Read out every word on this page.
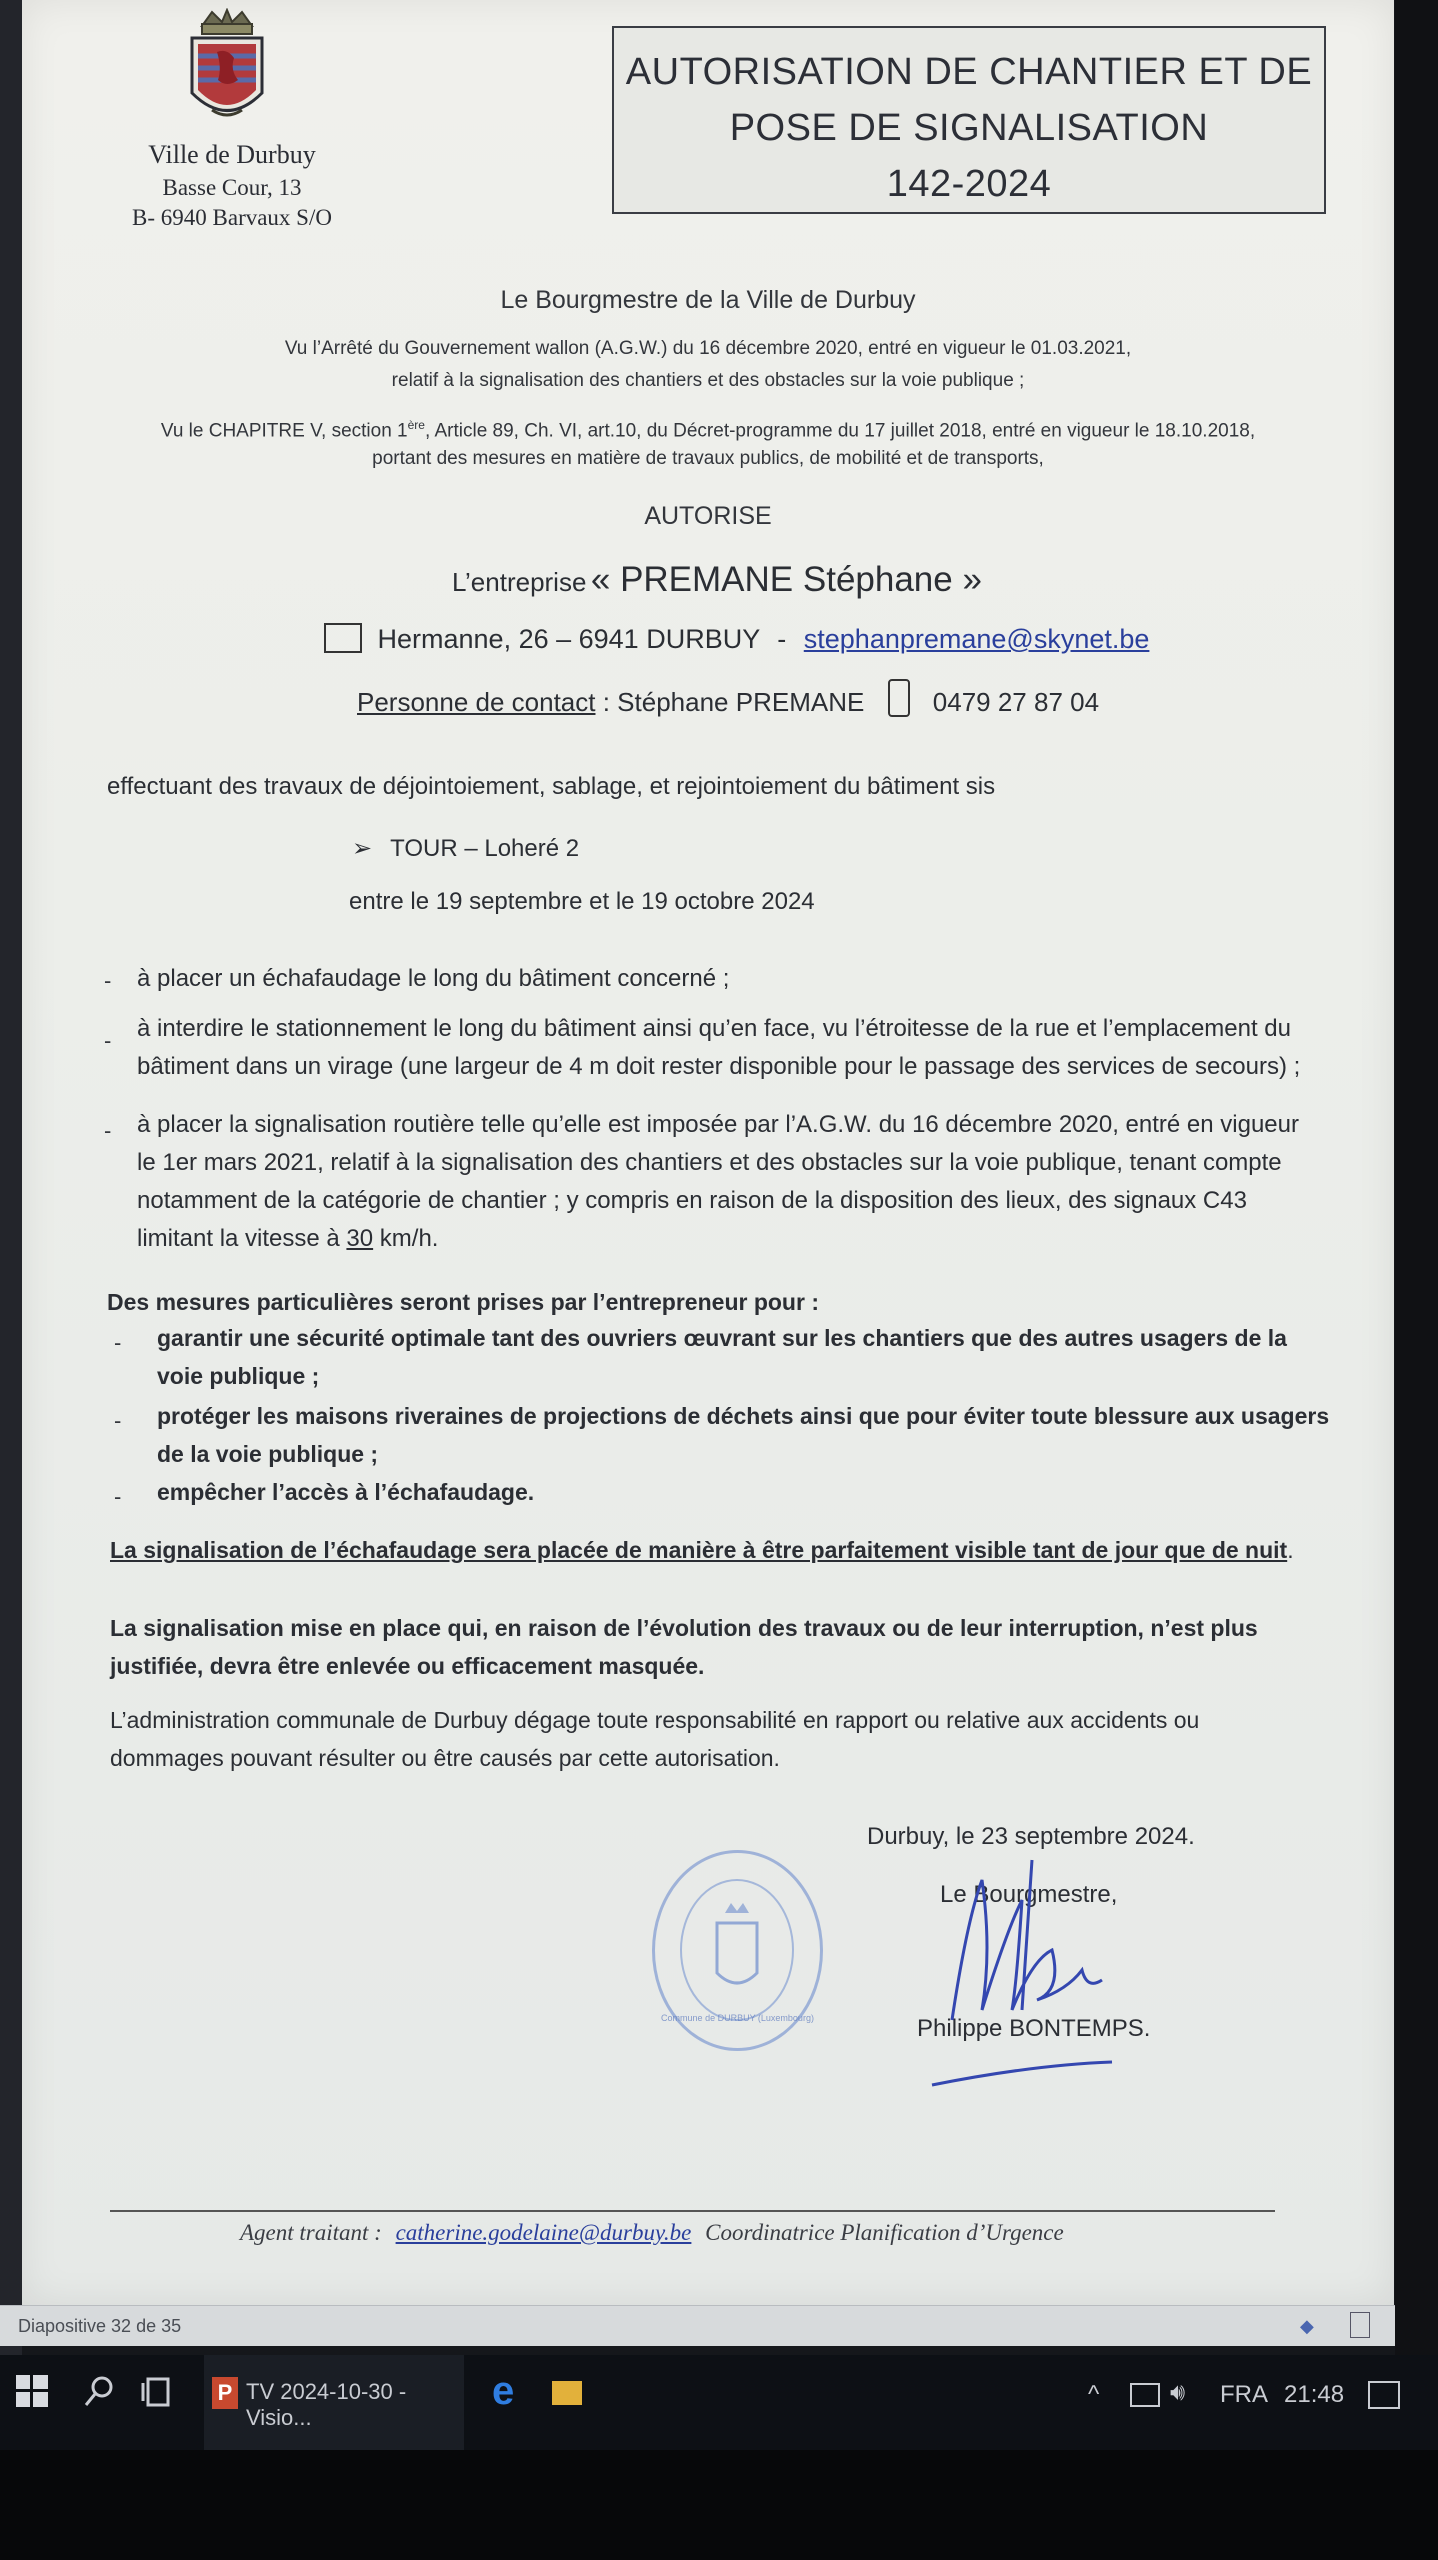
Ville de Durbuy
Basse Cour, 13
B- 6940 Barvaux S/O
AUTORISATION DE CHANTIER ET DE
POSE DE SIGNALISATION
142-2024
Le Bourgmestre de la Ville de Durbuy
Vu l’Arrêté du Gouvernement wallon (A.G.W.) du 16 décembre 2020, entré en vigueur le 01.03.2021,
relatif à la signalisation des chantiers et des obstacles sur la voie publique ;
Vu le CHAPITRE V, section 1ère, Article 89, Ch. VI, art.10, du Décret-programme du 17 juillet 2018, entré en vigueur le 18.10.2018,
portant des mesures en matière de travaux publics, de mobilité et de transports,
AUTORISE
L’entreprise « PREMANE Stéphane »
Hermanne, 26 – 6941 DURBUY - stephanpremane@skynet.be
Personne de contact : Stéphane PREMANE	0479 27 87 04
effectuant des travaux de déjointoiement, sablage, et rejointoiement du bâtiment sis
➢ TOUR – Loheré 2
entre le 19 septembre et le 19 octobre 2024
- à placer un échafaudage le long du bâtiment concerné ;
- à interdire le stationnement le long du bâtiment ainsi qu’en face, vu l’étroitesse de la rue et l’emplacement du
bâtiment dans un virage (une largeur de 4 m doit rester disponible pour le passage des services de secours) ;
- à placer la signalisation routière telle qu’elle est imposée par l’A.G.W. du 16 décembre 2020, entré en vigueur
le 1er mars 2021, relatif à la signalisation des chantiers et des obstacles sur la voie publique, tenant compte
notamment de la catégorie de chantier ; y compris en raison de la disposition des lieux, des signaux C43
limitant la vitesse à 30 km/h.
Des mesures particulières seront prises par l’entrepreneur pour :
- garantir une sécurité optimale tant des ouvriers œuvrant sur les chantiers que des autres usagers de la
voie publique ;
- protéger les maisons riveraines de projections de déchets ainsi que pour éviter toute blessure aux usagers
de la voie publique ;
- empêcher l’accès à l’échafaudage.
La signalisation de l’échafaudage sera placée de manière à être parfaitement visible tant de jour que de nuit.
La signalisation mise en place qui, en raison de l’évolution des travaux ou de leur interruption, n’est plus
justifiée, devra être enlevée ou efficacement masquée.
L’administration communale de Durbuy dégage toute responsabilité en rapport ou relative aux accidents ou
dommages pouvant résulter ou être causés par cette autorisation.
Durbuy, le 23 septembre 2024.
Le Bourgmestre,
Philippe BONTEMPS.
Commune de DURBUY (Luxembourg)
Agent traitant : catherine.godelaine@durbuy.be Coordinatrice Planification d’Urgence
Diapositive 32 de 35	◆
P TV 2024-10-30 - Visio...
e	^	🔊︎ FRA 21:48
